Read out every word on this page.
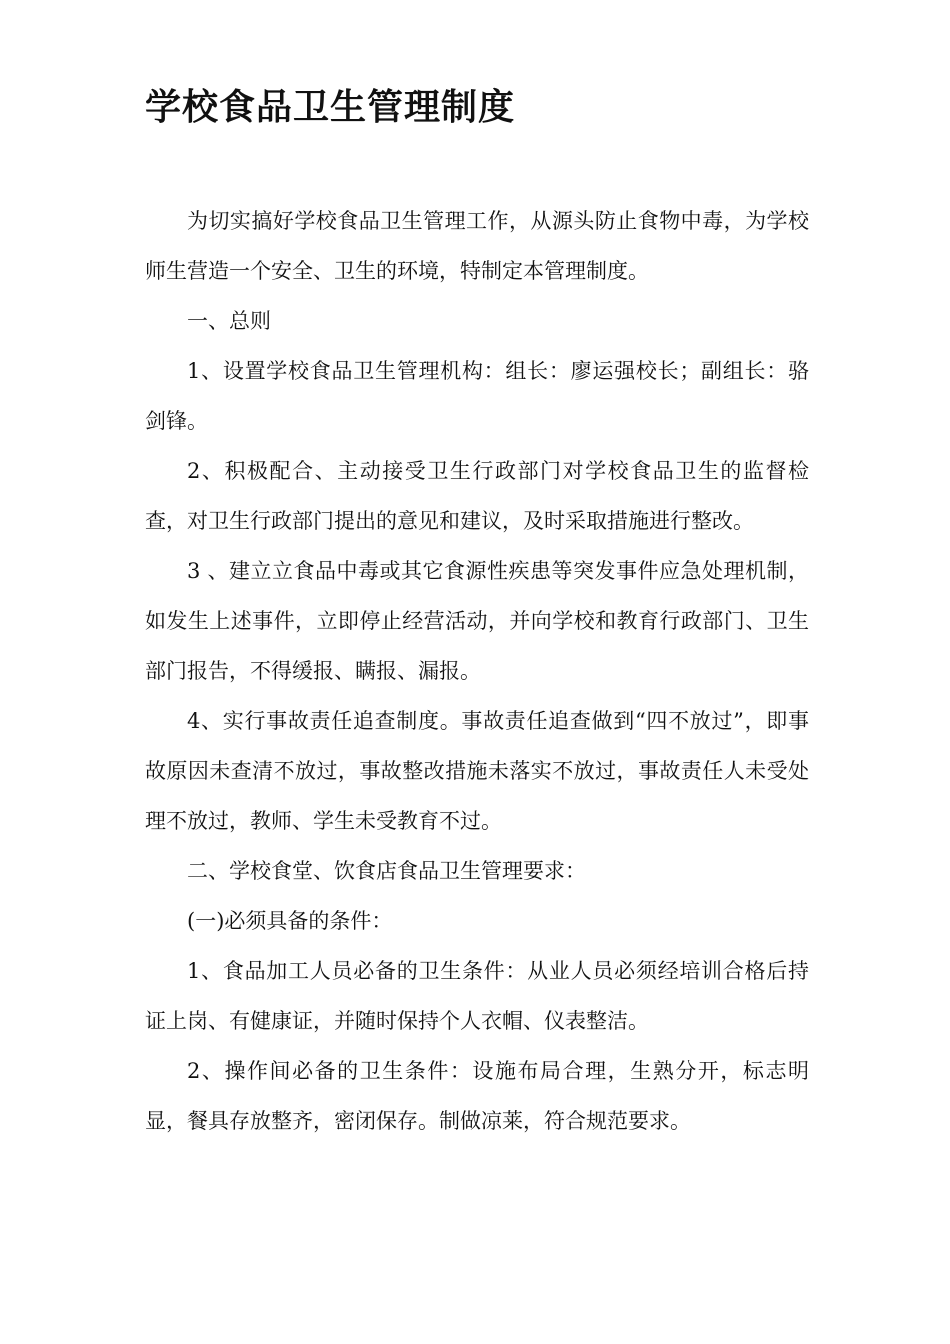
学校食品卫生管理制度

为切实搞好学校食品卫生管理工作，从源头防止食物中毒，为学校师生营造一个安全、卫生的环境，特制定本管理制度。

一、总则

1、设置学校食品卫生管理机构：组长：廖运强校长；副组长：骆剑锋。

2、积极配合、主动接受卫生行政部门对学校食品卫生的监督检查，对卫生行政部门提出的意见和建议，及时采取措施进行整改。

3 、建立立食品中毒或其它食源性疾患等突发事件应急处理机制，如发生上述事件，立即停止经营活动，并向学校和教育行政部门、卫生部门报告，不得缓报、瞒报、漏报。

4、实行事故责任追查制度。事故责任追查做到“四不放过”，即事故原因未查清不放过，事故整改措施未落实不放过，事故责任人未受处理不放过，教师、学生未受教育不过。

二、学校食堂、饮食店食品卫生管理要求：

(一)必须具备的条件：

1、食品加工人员必备的卫生条件：从业人员必须经培训合格后持证上岗、有健康证，并随时保持个人衣帽、仪表整洁。

2、操作间必备的卫生条件：设施布局合理，生熟分开，标志明显，餐具存放整齐，密闭保存。制做凉莱，符合规范要求。
